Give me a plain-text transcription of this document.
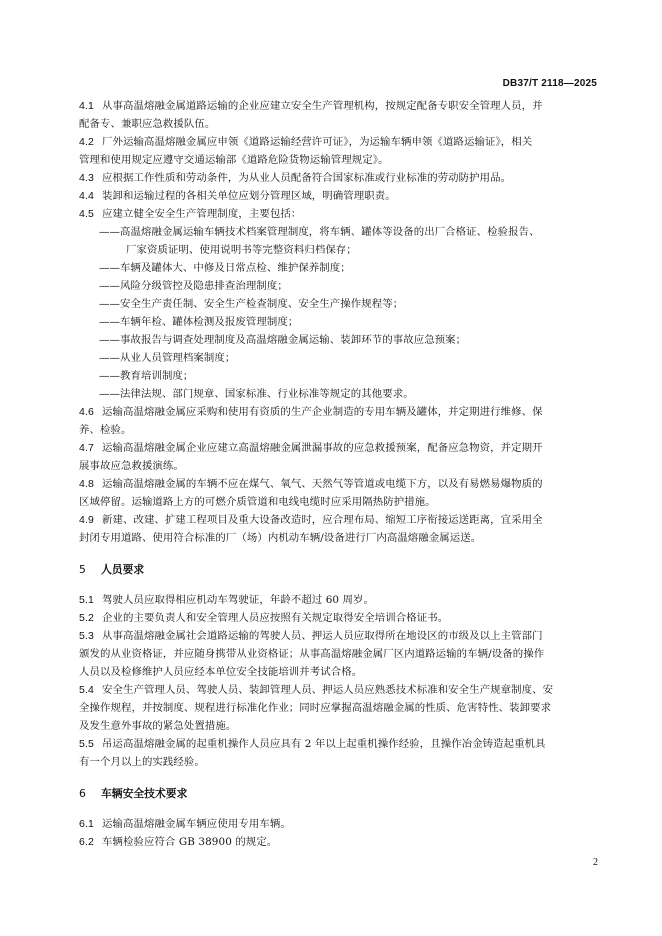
DB37/T 2118—2025
4.1 从事高温熔融金属道路运输的企业应建立安全生产管理机构，按规定配备专职安全管理人员，并
配备专、兼职应急救援队伍。
4.2 厂外运输高温熔融金属应申领《道路运输经营许可证》，为运输车辆申领《道路运输证》，相关
管理和使用规定应遵守交通运输部《道路危险货物运输管理规定》。
4.3 应根据工作性质和劳动条件，为从业人员配备符合国家标准或行业标准的劳动防护用品。
4.4 装卸和运输过程的各相关单位应划分管理区域，明确管理职责。
4.5 应建立健全安全生产管理制度，主要包括：
——高温熔融金属运输车辆技术档案管理制度，将车辆、罐体等设备的出厂合格证、检验报告、
厂家资质证明、使用说明书等完整资料归档保存；
——车辆及罐体大、中修及日常点检、维护保养制度；
——风险分级管控及隐患排查治理制度；
——安全生产责任制、安全生产检查制度、安全生产操作规程等；
——车辆年检、罐体检测及报废管理制度；
——事故报告与调查处理制度及高温熔融金属运输、装卸环节的事故应急预案；
——从业人员管理档案制度；
——教育培训制度；
——法律法规、部门规章、国家标准、行业标准等规定的其他要求。
4.6 运输高温熔融金属应采购和使用有资质的生产企业制造的专用车辆及罐体，并定期进行维修、保
养、检验。
4.7 运输高温熔融金属企业应建立高温熔融金属泄漏事故的应急救援预案，配备应急物资，并定期开
展事故应急救援演练。
4.8 运输高温熔融金属的车辆不应在煤气、氧气、天然气等管道或电缆下方，以及有易燃易爆物质的
区域停留。运输道路上方的可燃介质管道和电线电缆时应采用隔热防护措施。
4.9 新建、改建、扩建工程项目及重大设备改造时，应合理布局、缩短工序衔接运送距离，宜采用全
封闭专用道路、使用符合标准的厂（场）内机动车辆/设备进行厂内高温熔融金属运送。
5 人员要求
5.1 驾驶人员应取得相应机动车驾驶证，年龄不超过 60 周岁。
5.2 企业的主要负责人和安全管理人员应按照有关规定取得安全培训合格证书。
5.3 从事高温熔融金属社会道路运输的驾驶人员、押运人员应取得所在地设区的市级及以上主管部门
颁发的从业资格证，并应随身携带从业资格证；从事高温熔融金属厂区内道路运输的车辆/设备的操作
人员以及检修维护人员应经本单位安全技能培训并考试合格。
5.4 安全生产管理人员、驾驶人员、装卸管理人员、押运人员应熟悉技术标准和安全生产规章制度、安
全操作规程，并按制度、规程进行标准化作业；同时应掌握高温熔融金属的性质、危害特性、装卸要求
及发生意外事故的紧急处置措施。
5.5 吊运高温熔融金属的起重机操作人员应具有 2 年以上起重机操作经验，且操作冶金铸造起重机具
有一个月以上的实践经验。
6 车辆安全技术要求
6.1 运输高温熔融金属车辆应使用专用车辆。
6.2 车辆检验应符合 GB 38900 的规定。
2
